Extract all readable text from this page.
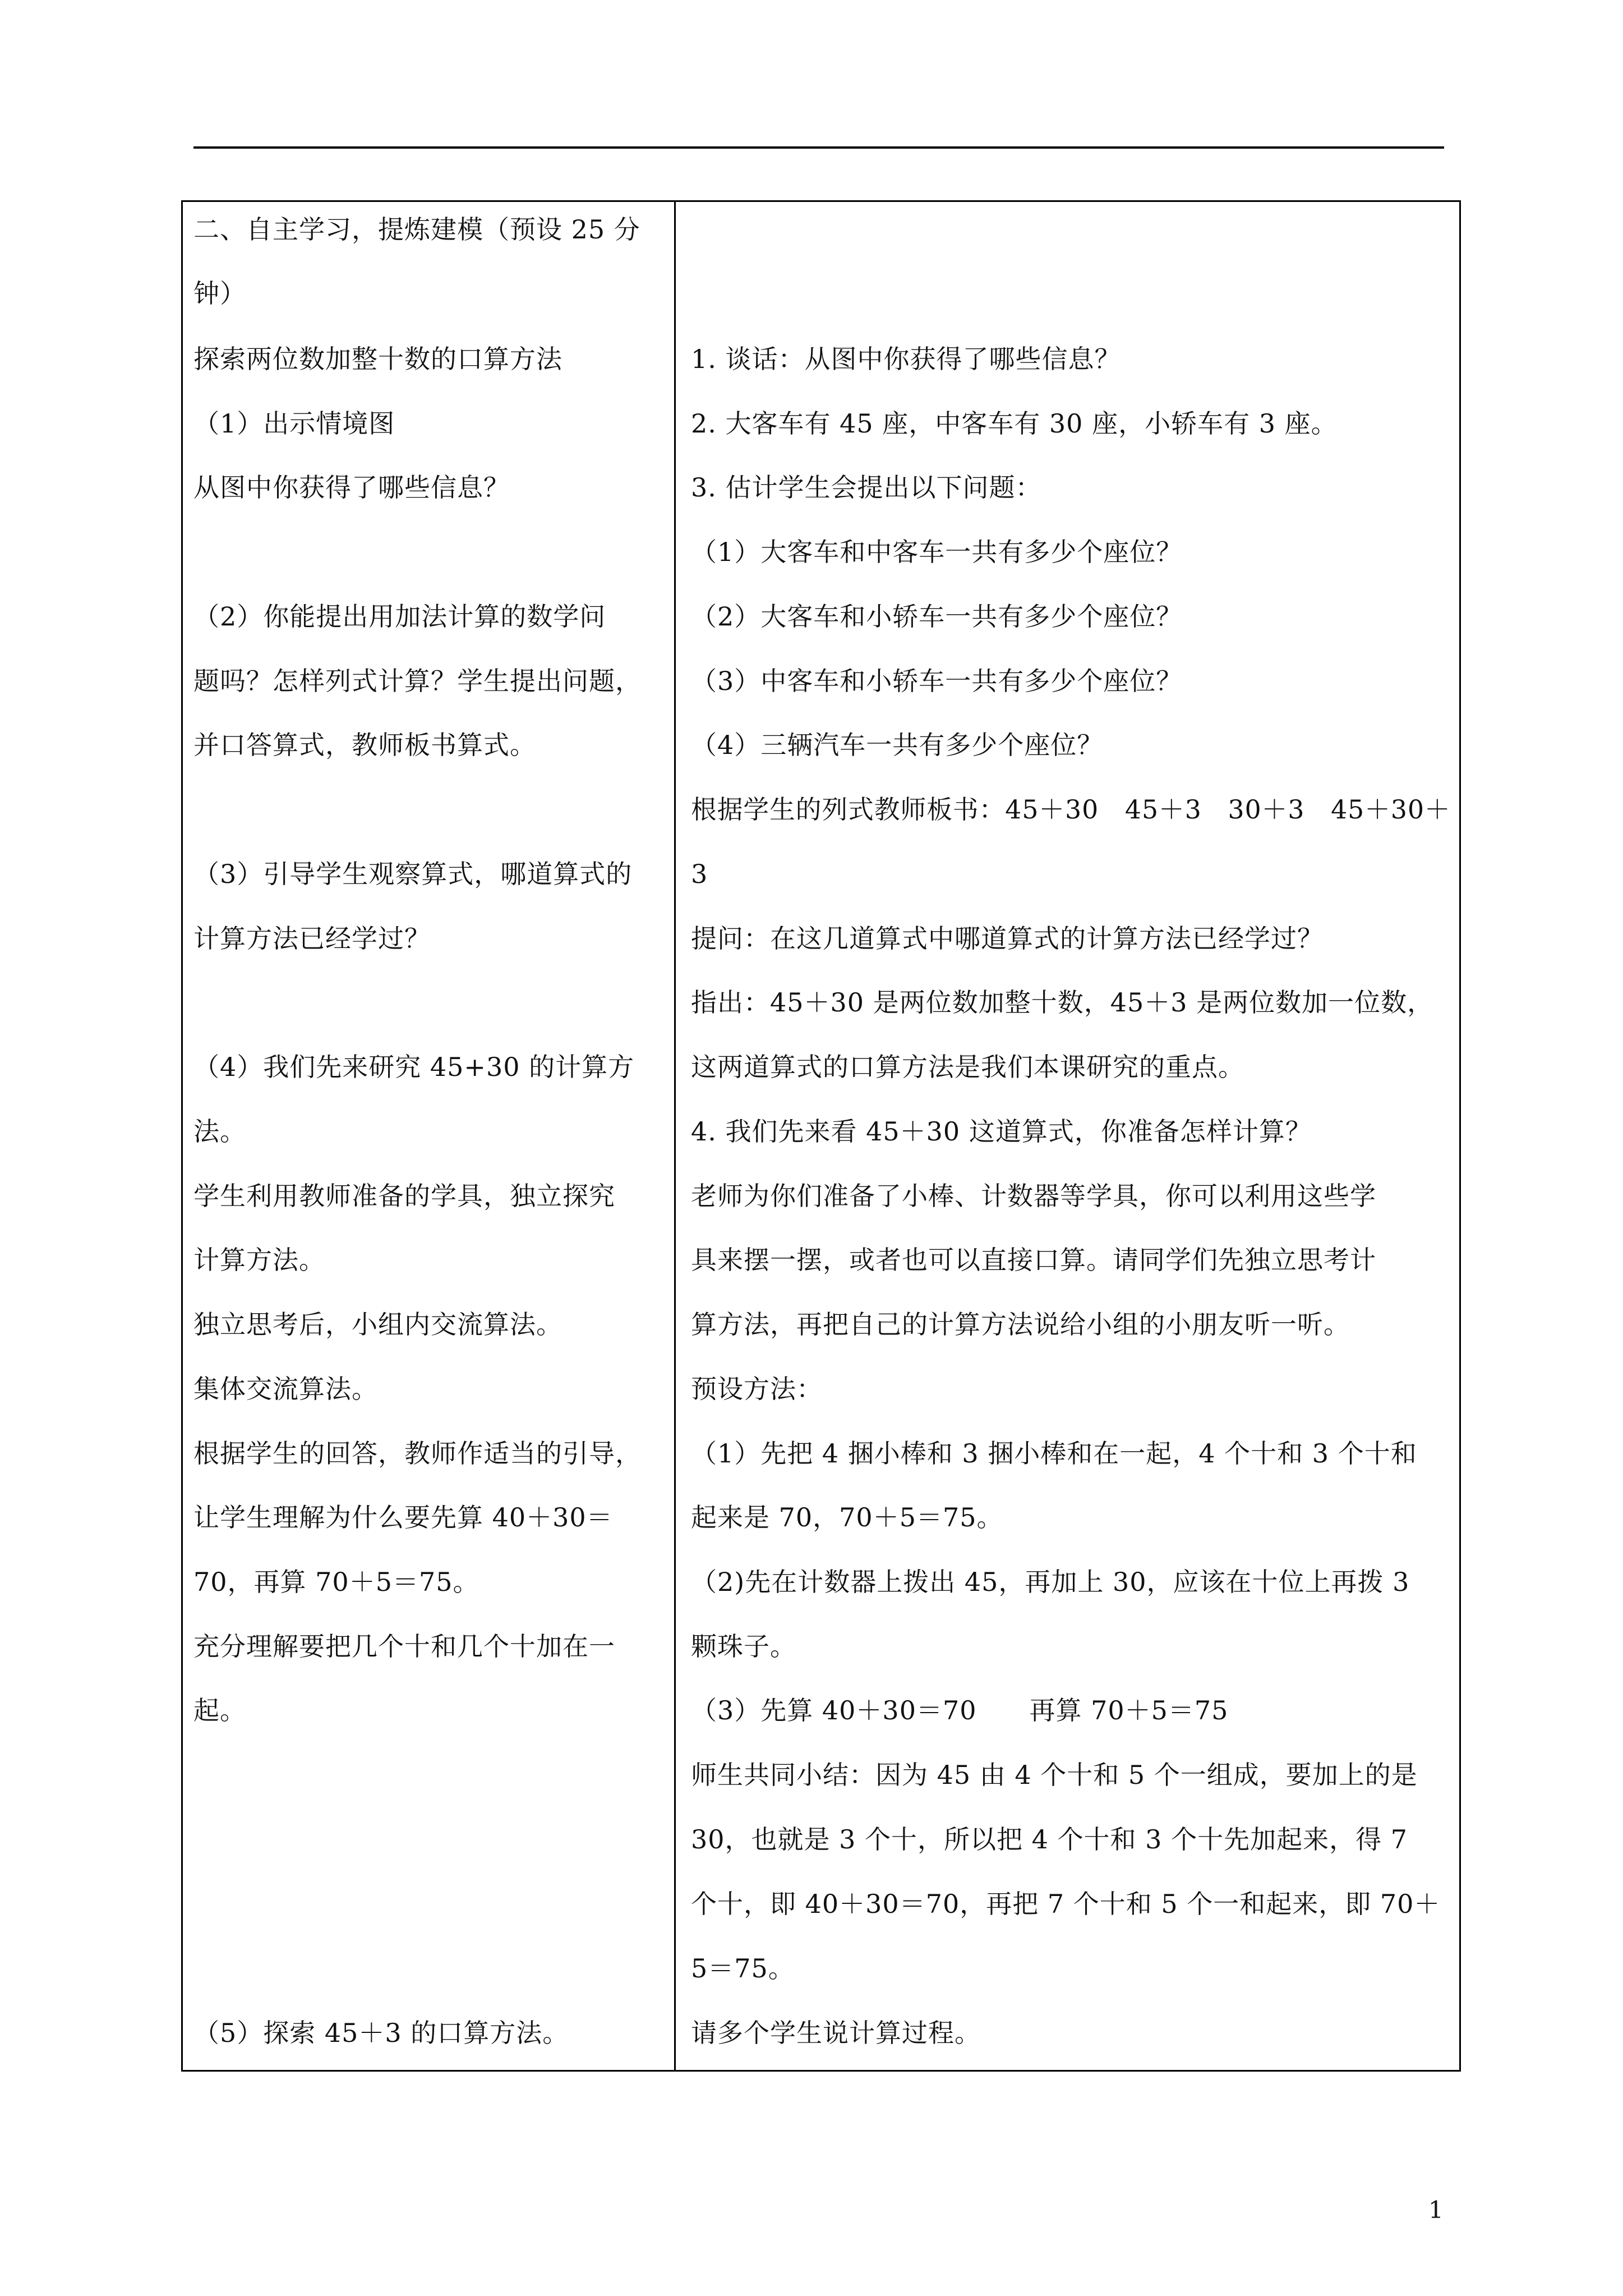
二、自主学习，提炼建模（预设 25 分
钟）
探索两位数加整十数的口算方法
（1）出示情境图
从图中你获得了哪些信息？
（2）你能提出用加法计算的数学问
题吗？怎样列式计算？学生提出问题，
并口答算式，教师板书算式。
（3）引导学生观察算式，哪道算式的
计算方法已经学过？
（4）我们先来研究 45+30 的计算方
法。
学生利用教师准备的学具，独立探究
计算方法。
独立思考后，小组内交流算法。
集体交流算法。
根据学生的回答，教师作适当的引导，
让学生理解为什么要先算 40＋30＝
70，再算 70＋5＝75。
充分理解要把几个十和几个十加在一
起。
（5）探索 45＋3 的口算方法。
1. 谈话：从图中你获得了哪些信息？
2. 大客车有 45 座，中客车有 30 座，小轿车有 3 座。
3. 估计学生会提出以下问题：
（1）大客车和中客车一共有多少个座位？
（2）大客车和小轿车一共有多少个座位？
（3）中客车和小轿车一共有多少个座位？
（4）三辆汽车一共有多少个座位？
根据学生的列式教师板书：45＋30　45＋3　30＋3　45＋30＋
3
提问：在这几道算式中哪道算式的计算方法已经学过？
指出：45＋30 是两位数加整十数，45＋3 是两位数加一位数，
这两道算式的口算方法是我们本课研究的重点。
4. 我们先来看 45＋30 这道算式，你准备怎样计算？
老师为你们准备了小棒、计数器等学具，你可以利用这些学
具来摆一摆，或者也可以直接口算。请同学们先独立思考计
算方法，再把自己的计算方法说给小组的小朋友听一听。
预设方法：
（1）先把 4 捆小棒和 3 捆小棒和在一起，4 个十和 3 个十和
起来是 70，70＋5＝75。
（2)先在计数器上拨出 45，再加上 30，应该在十位上再拨 3
颗珠子。
（3）先算 40＋30＝70　　再算 70＋5＝75
师生共同小结：因为 45 由 4 个十和 5 个一组成，要加上的是
30，也就是 3 个十，所以把 4 个十和 3 个十先加起来，得 7
个十，即 40＋30＝70，再把 7 个十和 5 个一和起来，即 70＋
5＝75。
请多个学生说计算过程。
1
